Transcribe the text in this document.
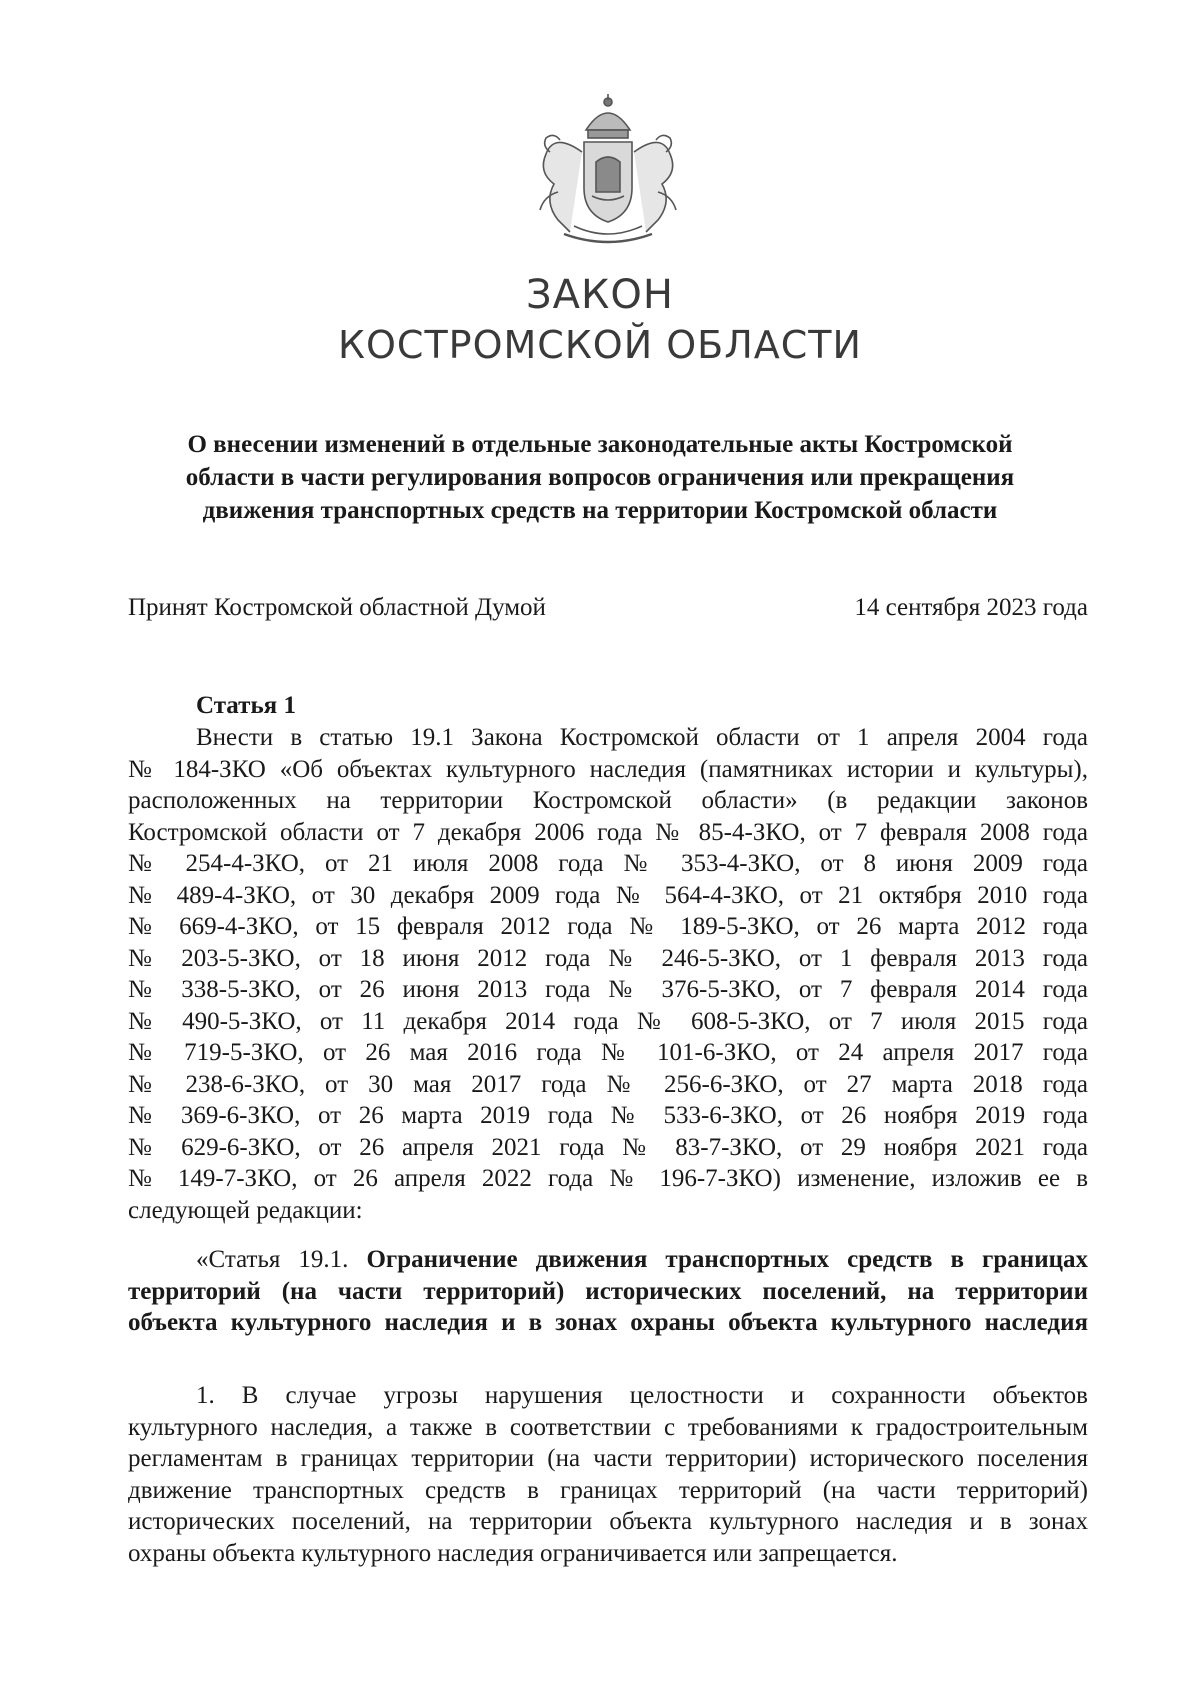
ЗАКОН
КОСТРОМСКОЙ ОБЛАСТИ
О внесении изменений в отдельные законодательные акты Костромской
области в части регулирования вопросов ограничения или прекращения
движения транспортных средств на территории Костромской области
Принят Костромской областной Думой	14 сентября 2023 года
Статья 1
Внести в статью 19.1 Закона Костромской области от 1 апреля 2004 года
№ 184-ЗКО «Об объектах культурного наследия (памятниках истории и культуры),
расположенных на территории Костромской области» (в редакции законов
Костромской области от 7 декабря 2006 года № 85-4-ЗКО, от 7 февраля 2008 года
№ 254-4-ЗКО, от 21 июля 2008 года № 353-4-ЗКО, от 8 июня 2009 года
№ 489-4-ЗКО, от 30 декабря 2009 года № 564-4-ЗКО, от 21 октября 2010 года
№ 669-4-ЗКО, от 15 февраля 2012 года № 189-5-ЗКО, от 26 марта 2012 года
№ 203-5-ЗКО, от 18 июня 2012 года № 246-5-ЗКО, от 1 февраля 2013 года
№ 338-5-ЗКО, от 26 июня 2013 года № 376-5-ЗКО, от 7 февраля 2014 года
№ 490-5-ЗКО, от 11 декабря 2014 года № 608-5-ЗКО, от 7 июля 2015 года
№ 719-5-ЗКО, от 26 мая 2016 года № 101-6-ЗКО, от 24 апреля 2017 года
№ 238-6-ЗКО, от 30 мая 2017 года № 256-6-ЗКО, от 27 марта 2018 года
№ 369-6-ЗКО, от 26 марта 2019 года № 533-6-ЗКО, от 26 ноября 2019 года
№ 629-6-ЗКО, от 26 апреля 2021 года № 83-7-ЗКО, от 29 ноября 2021 года
№ 149-7-ЗКО, от 26 апреля 2022 года № 196-7-ЗКО) изменение, изложив ее в
следующей редакции:
«Статья 19.1. Ограничение движения транспортных средств в границах
территорий (на части территорий) исторических поселений, на территории
объекта культурного наследия и в зонах охраны объекта культурного наследия
1. В случае угрозы нарушения целостности и сохранности объектов
культурного наследия, а также в соответствии с требованиями к градостроительным
регламентам в границах территории (на части территории) исторического поселения
движение транспортных средств в границах территорий (на части территорий)
исторических поселений, на территории объекта культурного наследия и в зонах
охраны объекта культурного наследия ограничивается или запрещается.
